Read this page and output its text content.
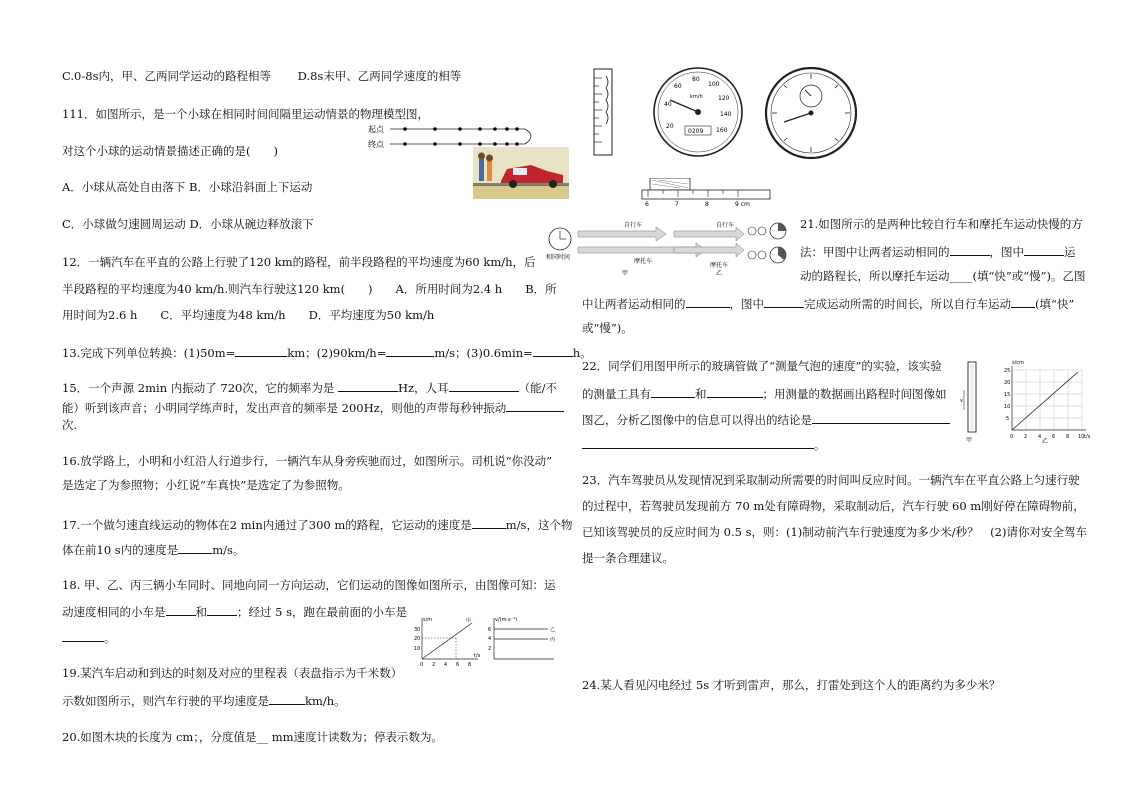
C.0-8s内，甲、乙两同学运动的路程相等　　 D.8s末甲、乙两同学速度的相等
111．如图所示，是一个小球在相同时间间隔里运动情景的物理模型图，
对这个小球的运动情景描述正确的是(　　)
A．小球从高处自由落下 B．小球沿斜面上下运动
C．小球做匀速圆周运动 D．小球从碗边释放滚下
12．一辆汽车在平直的公路上行驶了120 km的路程，前半段路程的平均速度为60 km/h，后
半段路程的平均速度为40 km/h.则汽车行驶这120 km(　　)　　A．所用时间为2.4 h　　B．所
用时间为2.6 h　　C．平均速度为48 km/h　　D．平均速度为50 km/h
13.完成下列单位转换：(1)50m=	km；(2)90km/h=	m/s；(3)0.6min=	h。
15．一个声源 2min 内振动了 720次，它的频率为是	Hz，人耳	（能/不
能）听到该声音；小明同学练声时，发出声音的频率是 200Hz，则他的声带每秒钟振动
次.
16.放学路上，小明和小红沿人行道步行，一辆汽车从身旁疾驰而过，如图所示。司机说“你没动”
是选定了为参照物；小红说“车真快”是选定了为参照物。
17.一个做匀速直线运动的物体在2 min内通过了300 m的路程，它运动的速度是	m/s，这个物
体在前10 s内的速度是	m/s。
18. 甲、乙、丙三辆小车同时、同地向同一方向运动，它们运动的图像如图所示，由图像可知：运
动速度相同的小车是	和	；经过 5 s，跑在最前面的小车是
。
19.某汽车启动和到达的时刻及对应的里程表（表盘指示为千米数）
示数如图所示，则汽车行驶的平均速度是	km/h。
20.如图木块的长度为 cm；，分度值是__ mm速度计读数为；停表示数为。
起点
终点
s/m
t/s
30
20
10
0 2 4 6 8
甲	v/(m·s⁻¹)
6
4
2
乙
丙
20
40
60
80
100
120
140
160
km/h
0209
6	7	8	9 cm
相同时间
自行车
摩托车
甲
自行车
摩托车
乙
v
甲
s/cm
25
20
15
10
5
0 2 4 6 8 10 t/s
乙
21.如图所示的是两种比较自行车和摩托车运动快慢的方
法：甲图中让两者运动相同的	，图中	运
动的路程长，所以摩托车运动____(填“快”或“慢”)。乙图
中让两者运动相同的	，图中	完成运动所需的时间长，所以自行车运动 (填“快”
或“慢”)。
22．同学们用图甲所示的玻璃管做了“测量气泡的速度”的实验，该实验
的测量工具有	和	；用测量的数据画出路程时间图像如
图乙，分析乙图像中的信息可以得出的结论是
。
23．汽车驾驶员从发现情况到采取制动所需要的时间叫反应时间。一辆汽车在平直公路上匀速行驶
的过程中，若驾驶员发现前方 70 m处有障碍物，采取制动后，汽车行驶 60 m刚好停在障碍物前，
已知该驾驶员的反应时间为 0.5 s，则：(1)制动前汽车行驶速度为多少米/秒？　(2)请你对安全驾车
提一条合理建议。
24.某人看见闪电经过 5s 才听到雷声，那么，打雷处到这个人的距离约为多少米？
